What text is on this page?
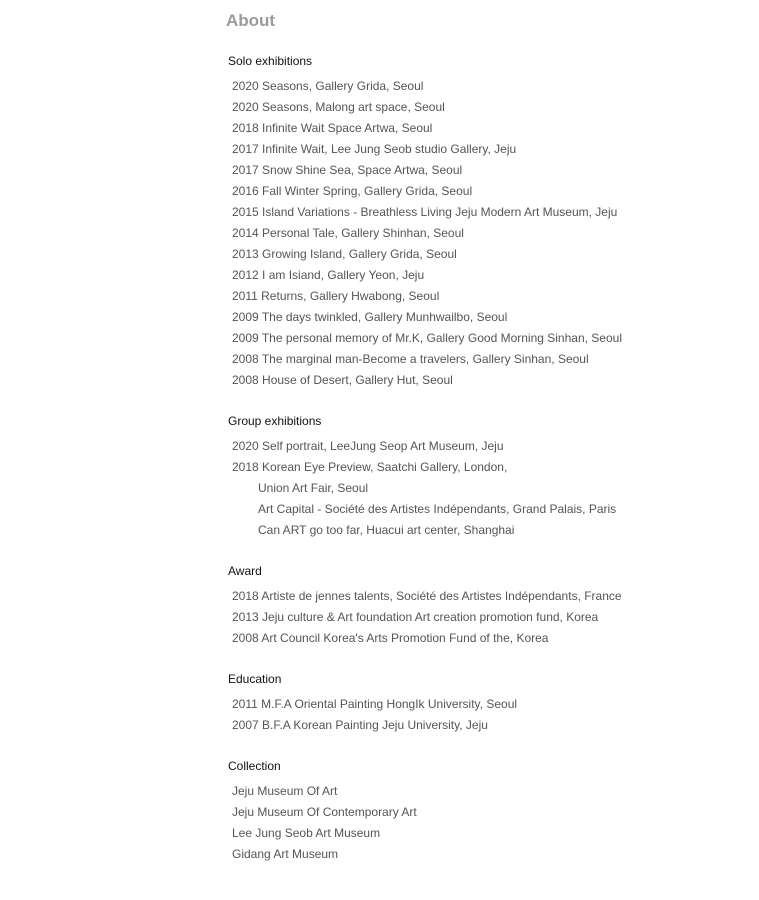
About
Solo exhibitions
2020 Seasons, Gallery Grida, Seoul
2020 Seasons, Malong art space, Seoul
2018 Infinite Wait Space Artwa, Seoul
2017 Infinite Wait, Lee Jung Seob studio Gallery, Jeju
2017 Snow Shine Sea, Space Artwa, Seoul
2016 Fall Winter Spring, Gallery Grida, Seoul
2015 Island Variations - Breathless Living Jeju Modern Art Museum, Jeju
2014 Personal Tale, Gallery Shinhan, Seoul
2013 Growing Island, Gallery Grida, Seoul
2012 I am Isiand, Gallery Yeon, Jeju
2011 Returns, Gallery Hwabong, Seoul
2009 The days twinkled, Gallery Munhwailbo, Seoul
2009 The personal memory of Mr.K, Gallery Good Morning Sinhan, Seoul
2008 The marginal man-Become a travelers, Gallery Sinhan, Seoul
2008 House of Desert, Gallery Hut, Seoul
Group exhibitions
2020 Self portrait, LeeJung Seop Art Museum, Jeju
2018 Korean Eye Preview, Saatchi Gallery, London,
Union Art Fair, Seoul
Art Capital - Société des Artistes Indépendants, Grand Palais, Paris
Can ART go too far, Huacui art center, Shanghai
Award
2018 Artiste de jennes talents, Société des Artistes Indépendants, France
2013 Jeju culture & Art foundation Art creation promotion fund, Korea
2008 Art Council Korea's Arts Promotion Fund of the, Korea
Education
2011 M.F.A Oriental Painting HongIk University, Seoul
2007 B.F.A Korean Painting Jeju University, Jeju
Collection
Jeju Museum Of Art
Jeju Museum Of Contemporary Art
Lee Jung Seob Art Museum
Gidang Art Museum
